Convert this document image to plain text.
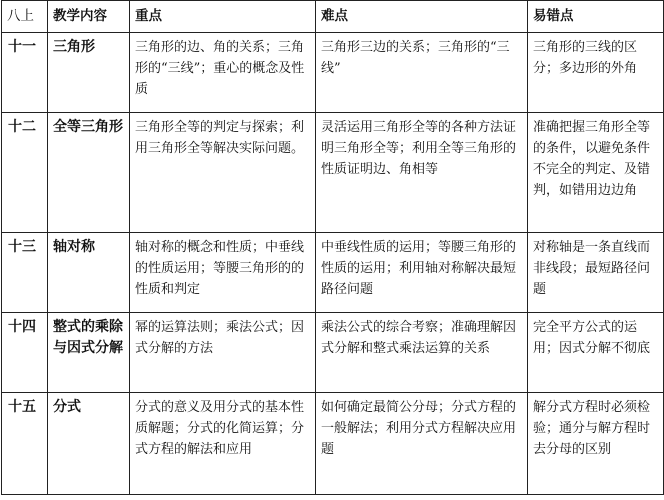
八上	教学内容	重点	难点	易错点
十一	三角形	三角形的边、角的关系；三角形的“三线”；重心的概念及性质	三角形三边的关系；三角形的“三线”	三角形的三线的区分；多边形的外角
十二	全等三角形	三角形全等的判定与探索；利用三角形全等解决实际问题。	灵活运用三角形全等的各种方法证明三角形全等；利用全等三角形的性质证明边、角相等	准确把握三角形全等的条件，以避免条件不完全的判定、及错判，如错用边边角
十三	轴对称	轴对称的概念和性质；中垂线的性质运用；等腰三角形的的性质和判定	中垂线性质的运用；等腰三角形的性质的运用；利用轴对称解决最短路径问题	对称轴是一条直线而非线段；最短路径问题
十四	整式的乘除与因式分解	幂的运算法则；乘法公式；因式分解的方法	乘法公式的综合考察；准确理解因式分解和整式乘法运算的关系	完全平方公式的运用；因式分解不彻底
十五	分式	分式的意义及用分式的基本性质解题；分式的化简运算；分式方程的解法和应用	如何确定最简公分母；分式方程的一般解法；利用分式方程解决应用题	解分式方程时必须检验；通分与解方程时去分母的区别
